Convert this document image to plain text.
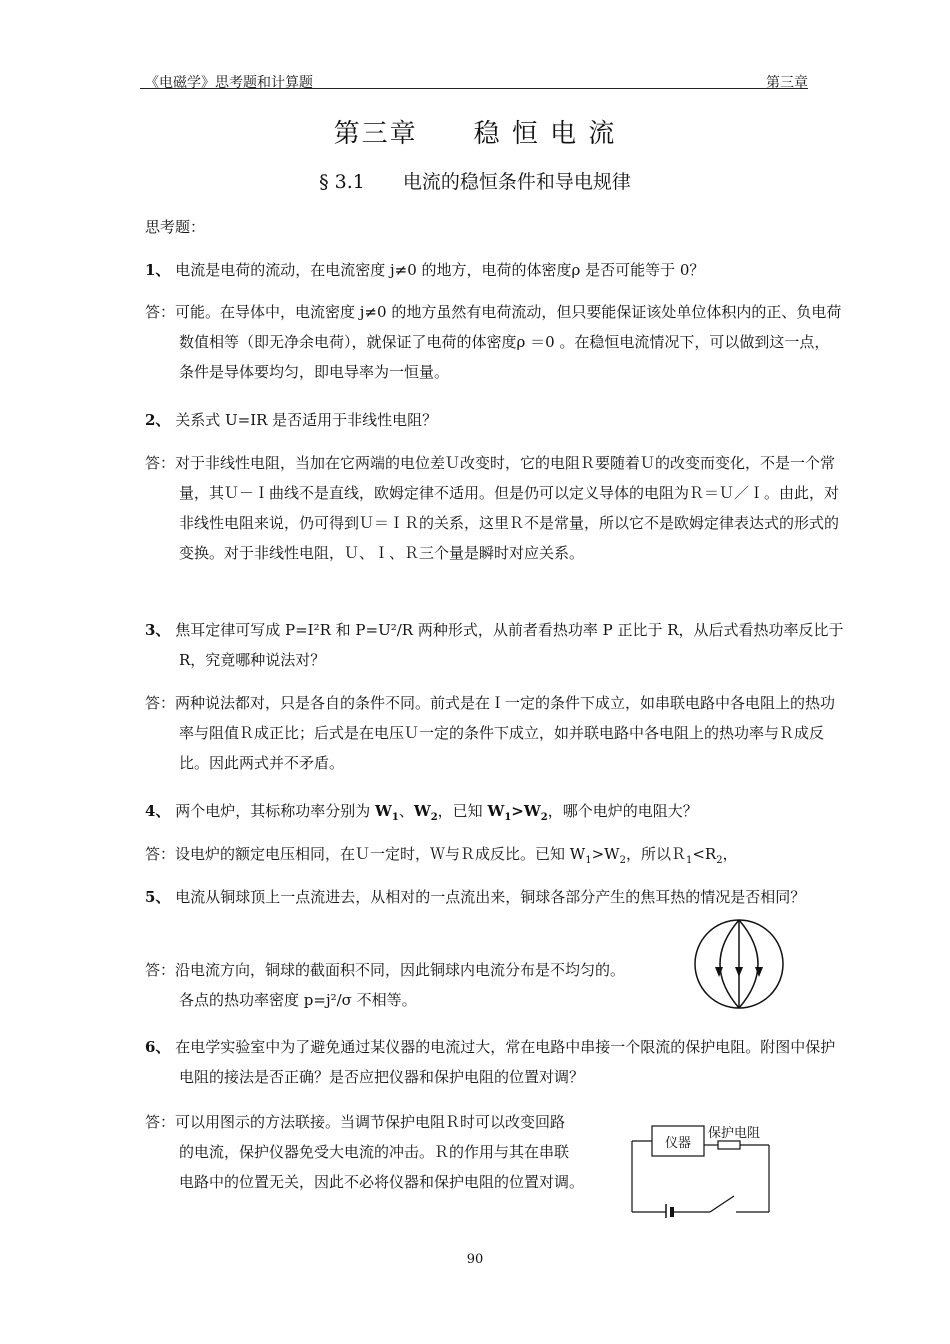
《电磁学》思考题和计算题	第三章
第三章　　稳 恒 电 流
§ 3.1　　电流的稳恒条件和导电规律
思考题：
1、 电流是电荷的流动，在电流密度 j≠0 的地方，电荷的体密度ρ 是否可能等于 0？
答：可能。在导体中，电流密度 j≠0 的地方虽然有电荷流动，但只要能保证该处单位体积内的正、负电荷数值相等（即无净余电荷），就保证了电荷的体密度ρ ＝0 。在稳恒电流情况下，可以做到这一点，条件是导体要均匀，即电导率为一恒量。
2、 关系式 U=IR 是否适用于非线性电阻？
答：对于非线性电阻，当加在它两端的电位差Ｕ改变时，它的电阻Ｒ要随着Ｕ的改变而变化，不是一个常量，其Ｕ－Ｉ曲线不是直线，欧姆定律不适用。但是仍可以定义导体的电阻为Ｒ＝Ｕ／Ｉ。由此，对非线性电阻来说，仍可得到Ｕ＝ＩＲ的关系，这里Ｒ不是常量，所以它不是欧姆定律表达式的形式的变换。对于非线性电阻，Ｕ、Ｉ、Ｒ三个量是瞬时对应关系。
3、 焦耳定律可写成 P=I²R 和 P=U²/R 两种形式，从前者看热功率 P 正比于 R，从后式看热功率反比于 R，究竟哪种说法对？
答：两种说法都对，只是各自的条件不同。前式是在Ｉ一定的条件下成立，如串联电路中各电阻上的热功率与阻值Ｒ成正比；后式是在电压Ｕ一定的条件下成立，如并联电路中各电阻上的热功率与Ｒ成反比。因此两式并不矛盾。
4、 两个电炉，其标称功率分别为 $W_1$、$W_2$，已知 $W_1>W_2$，哪个电炉的电阻大？
答：设电炉的额定电压相同，在Ｕ一定时，Ｗ与Ｒ成反比。已知 $W_1>W_2$，所以$R_1<R_2$，
5、 电流从铜球顶上一点流进去，从相对的一点流出来，铜球各部分产生的焦耳热的情况是否相同？
答：沿电流方向，铜球的截面积不同，因此铜球内电流分布是不均匀的。
各点的热功率密度 p=j²/σ 不相等。
6、 在电学实验室中为了避免通过某仪器的电流过大，常在电路中串接一个限流的保护电阻。附图中保护电阻的接法是否正确？是否应把仪器和保护电阻的位置对调？
答：可以用图示的方法联接。当调节保护电阻Ｒ时可以改变回路
的电流，保护仪器免受大电流的冲击。Ｒ的作用与其在串联
电路中的位置无关，因此不必将仪器和保护电阻的位置对调。
仪器
保护电阻
90
